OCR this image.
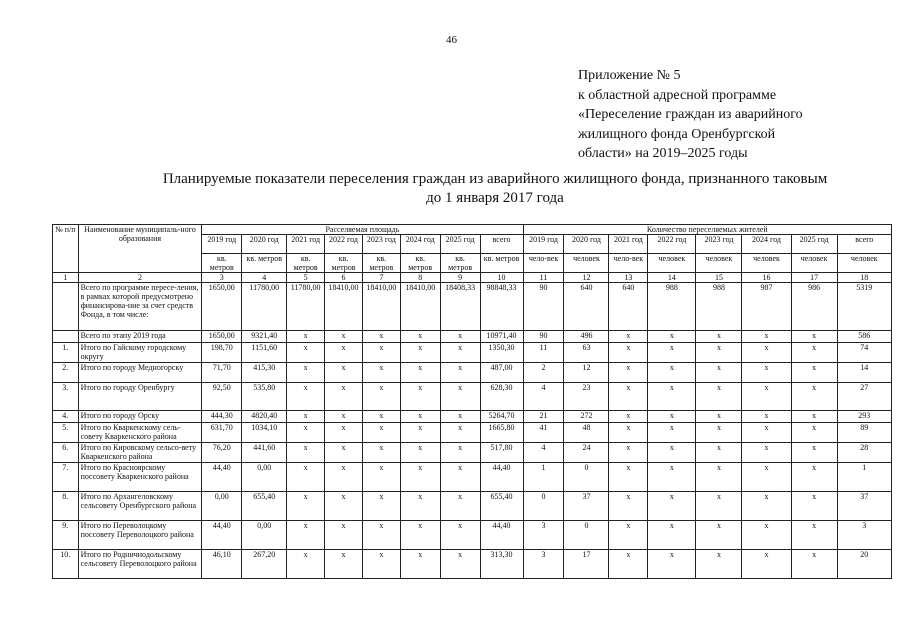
46
Приложение № 5
к областной адресной программе
«Переселение граждан из аварийного
жилищного фонда Оренбургской
области» на 2019–2025 годы
Планируемые показатели переселения граждан из аварийного жилищного фонда, признанного таковым
до 1 января 2017 года
№ п/п	Наименование муниципаль-ного образования	Расселяемая площадь								Количество переселяемых жителей							
		2019 год	2020 год	2021 год	2022 год	2023 год	2024 год	2025 год	всего	2019 год	2020 год	2021 год	2022 год	2023 год	2024 год	2025 год	всего
		кв. метров	кв. метров	кв. метров	кв. метров	кв. метров	кв. метров	кв. метров	кв. метров	чело-век	человек	чело-век	человек	человек	человек	человек	человек
1	2	3	4	5	6	7	8	9	10	11	12	13	14	15	16	17	18
	Всего по программе пересе-ления, в рамках которой предусмотрено финансирова-ние за счет средств Фонда, в том числе:	1650,00	11780,00	11780,00	18410,00	18410,00	18410,00	18408,33	98848,33	90	640	640	988	988	987	986	5319
	Всего по этапу 2019 года	1650,00	9321,40	x	x	x	x	x	10971,40	90	496	x	x	x	x	x	586
1.	Итого по Гайскому городскому округу	198,70	1151,60	x	x	x	x	x	1350,30	11	63	x	x	x	x	x	74
2.	Итого по городу Медногорску	71,70	415,30	x	x	x	x	x	487,00	2	12	x	x	x	x	x	14
3.	Итого по городу Оренбургу	92,50	535,80	x	x	x	x	x	628,30	4	23	x	x	x	x	x	27
4.	Итого по городу Орску	444,30	4820,40	x	x	x	x	x	5264,70	21	272	x	x	x	x	x	293
5.	Итого по Кваркенскому сель-совету Кваркенского района	631,70	1034,10	x	x	x	x	x	1665,80	41	48	x	x	x	x	x	89
6.	Итого по Кировскому сельсо-вету Кваркенского района	76,20	441,60	x	x	x	x	x	517,80	4	24	x	x	x	x	x	28
7.	Итого по Красноярскому поссовету Кваркенского района	44,40	0,00	x	x	x	x	x	44,40	1	0	x	x	x	x	x	1
8.	Итого по Архангеловскому сельсовету Оренбургского района	0,00	655,40	x	x	x	x	x	655,40	0	37	x	x	x	x	x	37
9.	Итого по Переволоцкому поссовету Переволоцкого района	44,40	0,00	x	x	x	x	x	44,40	3	0	x	x	x	x	x	3
10.	Итого по Родничнодольскому сельсовету Переволоцкого района	46,10	267,20	x	x	x	x	x	313,30	3	17	x	x	x	x	x	20
